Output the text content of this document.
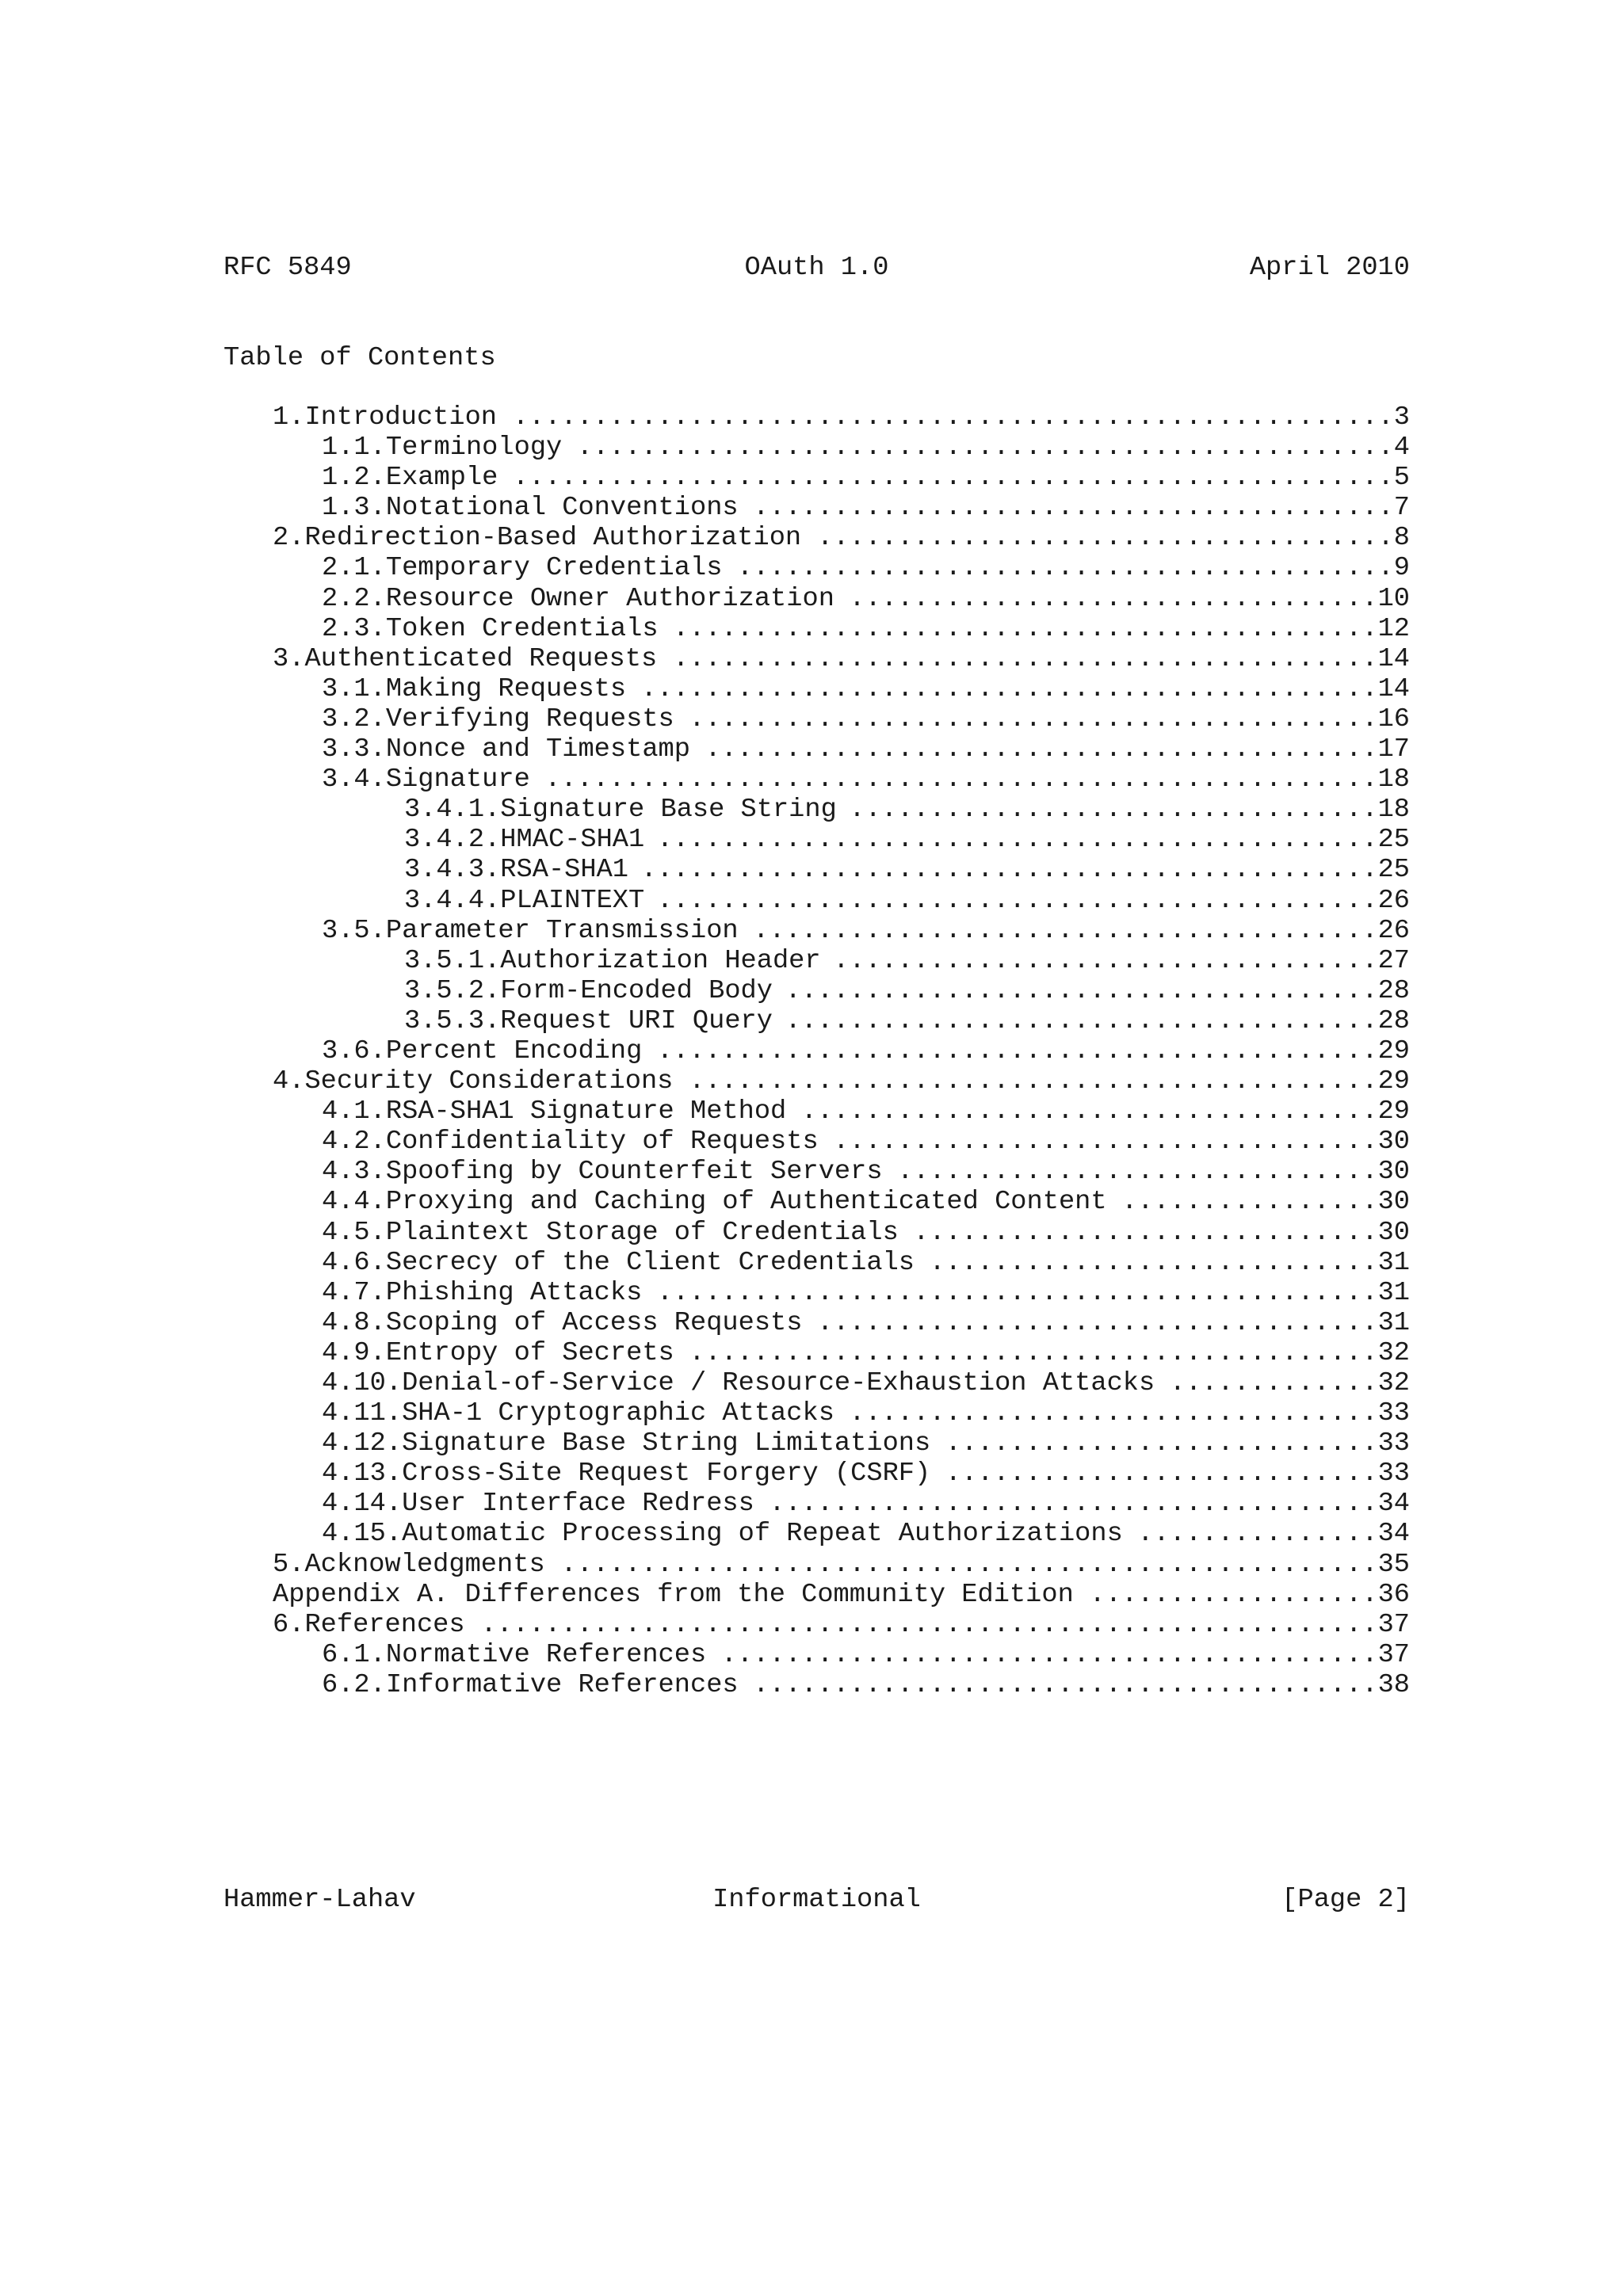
RFC 5849	OAuth 1.0	April 2010
Table of Contents
1. Introduction .....	3
1.1. Terminology .....	4
1.2. Example .....	5
1.3. Notational Conventions .....	7
2. Redirection-Based Authorization .....	8
2.1. Temporary Credentials .....	9
2.2. Resource Owner Authorization .....	10
2.3. Token Credentials .....	12
3. Authenticated Requests .....	14
3.1. Making Requests .....	14
3.2. Verifying Requests .....	16
3.3. Nonce and Timestamp .....	17
3.4. Signature .....	18
3.4.1. Signature Base String .....	18
3.4.2. HMAC-SHA1 .....	25
3.4.3. RSA-SHA1 .....	25
3.4.4. PLAINTEXT .....	26
3.5. Parameter Transmission .....	26
3.5.1. Authorization Header .....	27
3.5.2. Form-Encoded Body .....	28
3.5.3. Request URI Query .....	28
3.6. Percent Encoding .....	29
4. Security Considerations .....	29
4.1. RSA-SHA1 Signature Method .....	29
4.2. Confidentiality of Requests .....	30
4.3. Spoofing by Counterfeit Servers .....	30
4.4. Proxying and Caching of Authenticated Content .....	30
4.5. Plaintext Storage of Credentials .....	30
4.6. Secrecy of the Client Credentials .....	31
4.7. Phishing Attacks .....	31
4.8. Scoping of Access Requests .....	31
4.9. Entropy of Secrets .....	32
4.10. Denial-of-Service / Resource-Exhaustion Attacks .....	32
4.11. SHA-1 Cryptographic Attacks .....	33
4.12. Signature Base String Limitations .....	33
4.13. Cross-Site Request Forgery (CSRF) .....	33
4.14. User Interface Redress .....	34
4.15. Automatic Processing of Repeat Authorizations .....	34
5. Acknowledgments .....	35
Appendix A. Differences from the Community Edition .....	36
6. References .....	37
6.1. Normative References .....	37
6.2. Informative References .....	38
Hammer-Lahav	Informational	[Page 2]
